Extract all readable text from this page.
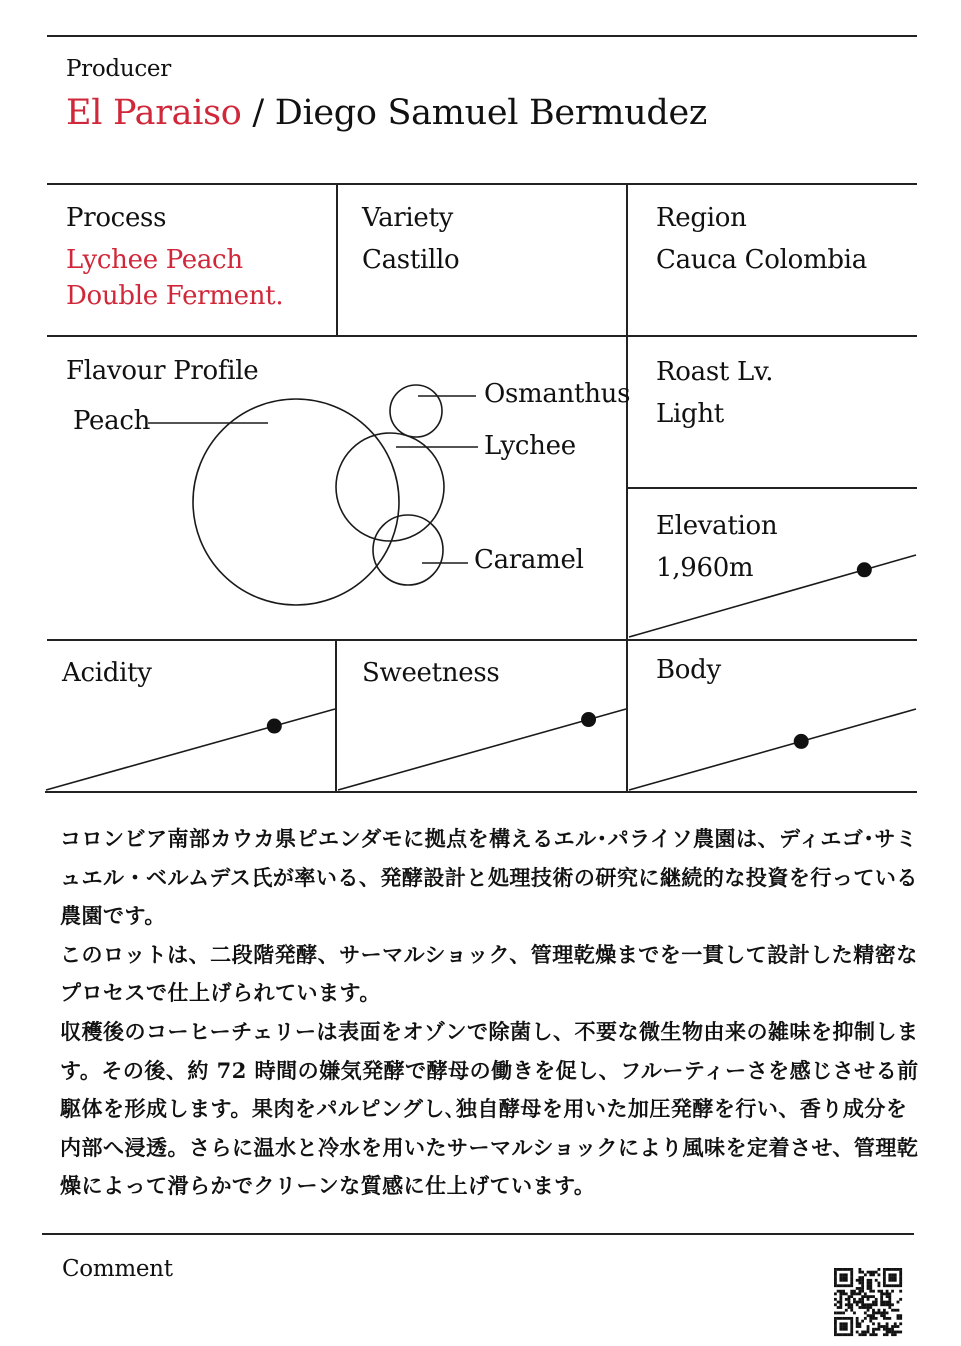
Producer
El Paraiso / Diego Samuel Bermudez
Process
Lychee Peach
Double Ferment.
Variety
Castillo
Region
Cauca Colombia
Flavour Profile
Peach
Osmanthus
Lychee
Caramel
Roast Lv.
Light
Elevation
1,960m
Acidity	Sweetness	Body

コロンビア南部カウカ県ピエンダモに拠点を構えるエル･パライソ農園は、ディエゴ･サミュエル・ベルムデス氏が率いる、発酵設計と処理技術の研究に継続的な投資を行っている農園です。

このロットは、二段階発酵、サーマルショック、管理乾燥までを一貫して設計した精密なプロセスで仕上げられています。

収穫後のコーヒーチェリーは表面をオゾンで除菌し、不要な微生物由来の雑味を抑制します。その後、約 72 時間の嫌気発酵で酵母の働きを促し、フルーティーさを感じさせる前駆体を形成します。果肉をパルピングし､独自酵母を用いた加圧発酵を行い、香り成分を内部へ浸透。さらに温水と冷水を用いたサーマルショックにより風味を定着させ、管理乾燥によって滑らかでクリーンな質感に仕上げています。

Comment
